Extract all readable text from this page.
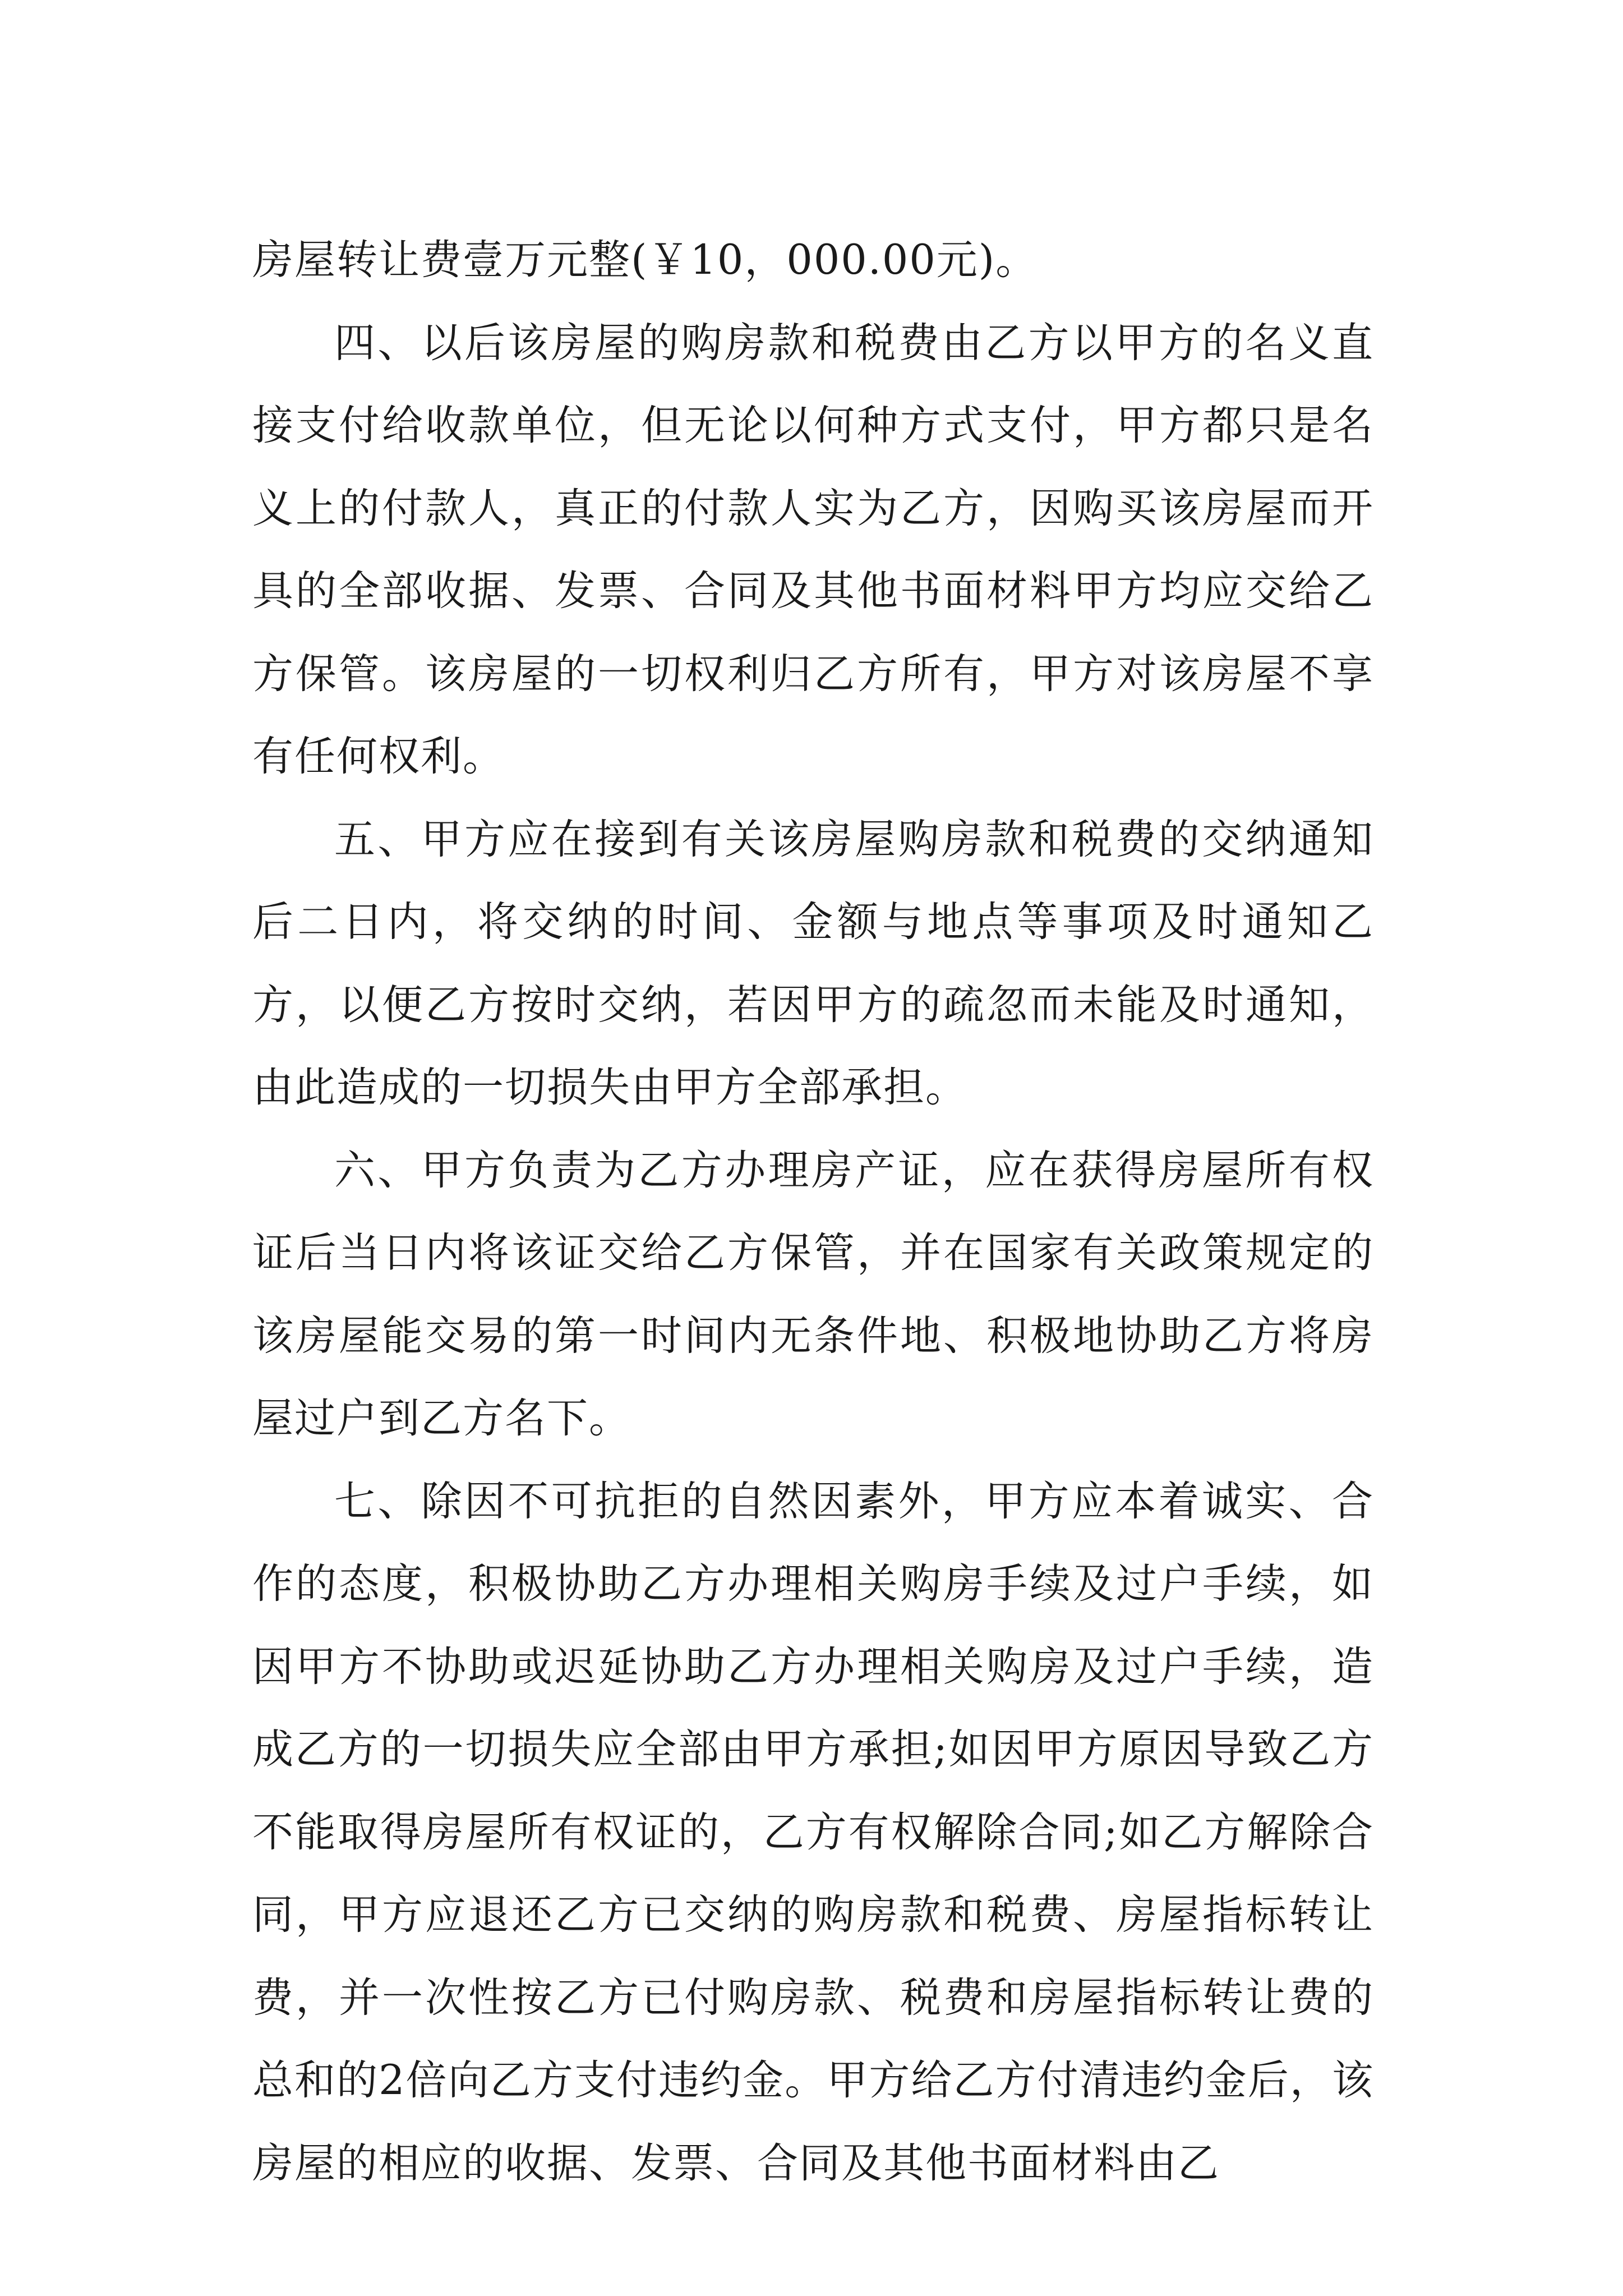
房屋转让费壹万元整(￥10，000.00元)。

四、以后该房屋的购房款和税费由乙方以甲方的名义直接支付给收款单位，但无论以何种方式支付，甲方都只是名义上的付款人，真正的付款人实为乙方，因购买该房屋而开具的全部收据、发票、合同及其他书面材料甲方均应交给乙方保管。该房屋的一切权利归乙方所有，甲方对该房屋不享有任何权利。

五、甲方应在接到有关该房屋购房款和税费的交纳通知后二日内，将交纳的时间、金额与地点等事项及时通知乙方，以便乙方按时交纳，若因甲方的疏忽而未能及时通知，由此造成的一切损失由甲方全部承担。

六、甲方负责为乙方办理房产证，应在获得房屋所有权证后当日内将该证交给乙方保管，并在国家有关政策规定的该房屋能交易的第一时间内无条件地、积极地协助乙方将房屋过户到乙方名下。

七、除因不可抗拒的自然因素外，甲方应本着诚实、合作的态度，积极协助乙方办理相关购房手续及过户手续，如因甲方不协助或迟延协助乙方办理相关购房及过户手续，造成乙方的一切损失应全部由甲方承担;如因甲方原因导致乙方不能取得房屋所有权证的，乙方有权解除合同;如乙方解除合同，甲方应退还乙方已交纳的购房款和税费、房屋指标转让费，并一次性按乙方已付购房款、税费和房屋指标转让费的总和的2倍向乙方支付违约金。甲方给乙方付清违约金后，该房屋的相应的收据、发票、合同及其他书面材料由乙
